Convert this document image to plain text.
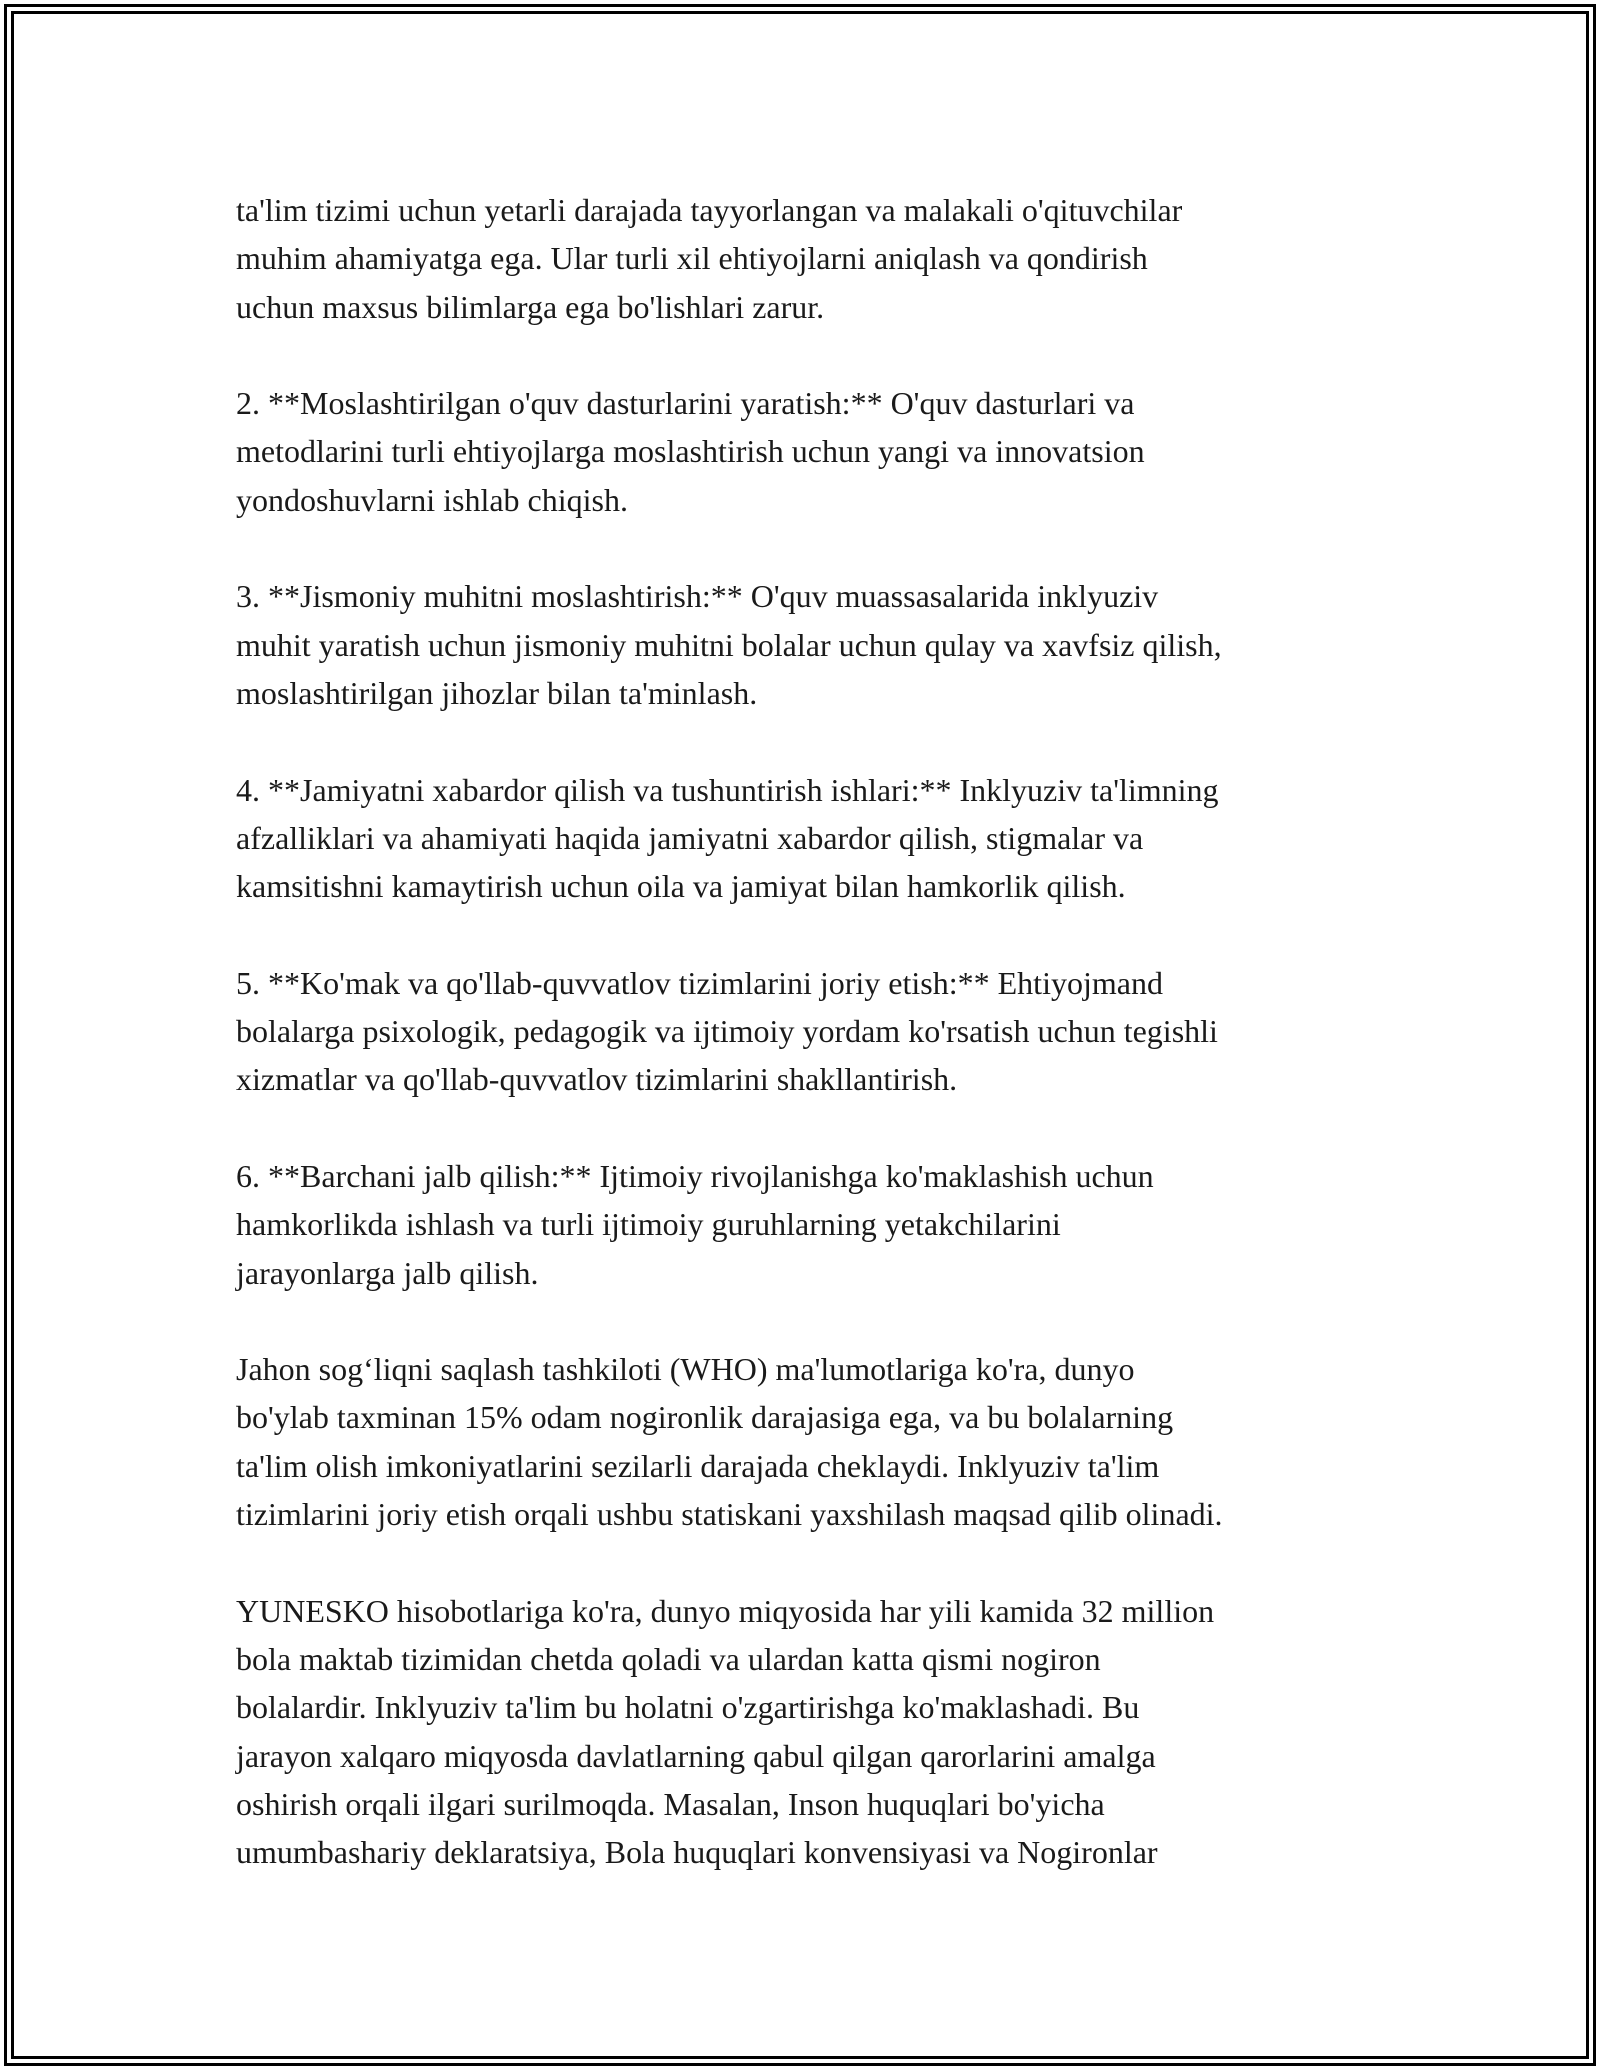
ta'lim tizimi uchun yetarli darajada tayyorlangan va malakali o'qituvchilar
muhim ahamiyatga ega. Ular turli xil ehtiyojlarni aniqlash va qondirish
uchun maxsus bilimlarga ega bo'lishlari zarur.

2. **Moslashtirilgan o'quv dasturlarini yaratish:** O'quv dasturlari va
metodlarini turli ehtiyojlarga moslashtirish uchun yangi va innovatsion
yondoshuvlarni ishlab chiqish.

3. **Jismoniy muhitni moslashtirish:** O'quv muassasalarida inklyuziv
muhit yaratish uchun jismoniy muhitni bolalar uchun qulay va xavfsiz qilish,
moslashtirilgan jihozlar bilan ta'minlash.

4. **Jamiyatni xabardor qilish va tushuntirish ishlari:** Inklyuziv ta'limning
afzalliklari va ahamiyati haqida jamiyatni xabardor qilish, stigmalar va
kamsitishni kamaytirish uchun oila va jamiyat bilan hamkorlik qilish.

5. **Ko'mak va qo'llab-quvvatlov tizimlarini joriy etish:** Ehtiyojmand
bolalarga psixologik, pedagogik va ijtimoiy yordam ko'rsatish uchun tegishli
xizmatlar va qo'llab-quvvatlov tizimlarini shakllantirish.

6. **Barchani jalb qilish:** Ijtimoiy rivojlanishga ko'maklashish uchun
hamkorlikda ishlash va turli ijtimoiy guruhlarning yetakchilarini
jarayonlarga jalb qilish.

Jahon sogʻliqni saqlash tashkiloti (WHO) ma'lumotlariga ko'ra, dunyo
bo'ylab taxminan 15% odam nogironlik darajasiga ega, va bu bolalarning
ta'lim olish imkoniyatlarini sezilarli darajada cheklaydi. Inklyuziv ta'lim
tizimlarini joriy etish orqali ushbu statiskani yaxshilash maqsad qilib olinadi.

YUNESKO hisobotlariga ko'ra, dunyo miqyosida har yili kamida 32 million
bola maktab tizimidan chetda qoladi va ulardan katta qismi nogiron
bolalardir. Inklyuziv ta'lim bu holatni o'zgartirishga ko'maklashadi. Bu
jarayon xalqaro miqyosda davlatlarning qabul qilgan qarorlarini amalga
oshirish orqali ilgari surilmoqda. Masalan, Inson huquqlari bo'yicha
umumbashariy deklaratsiya, Bola huquqlari konvensiyasi va Nogironlar
